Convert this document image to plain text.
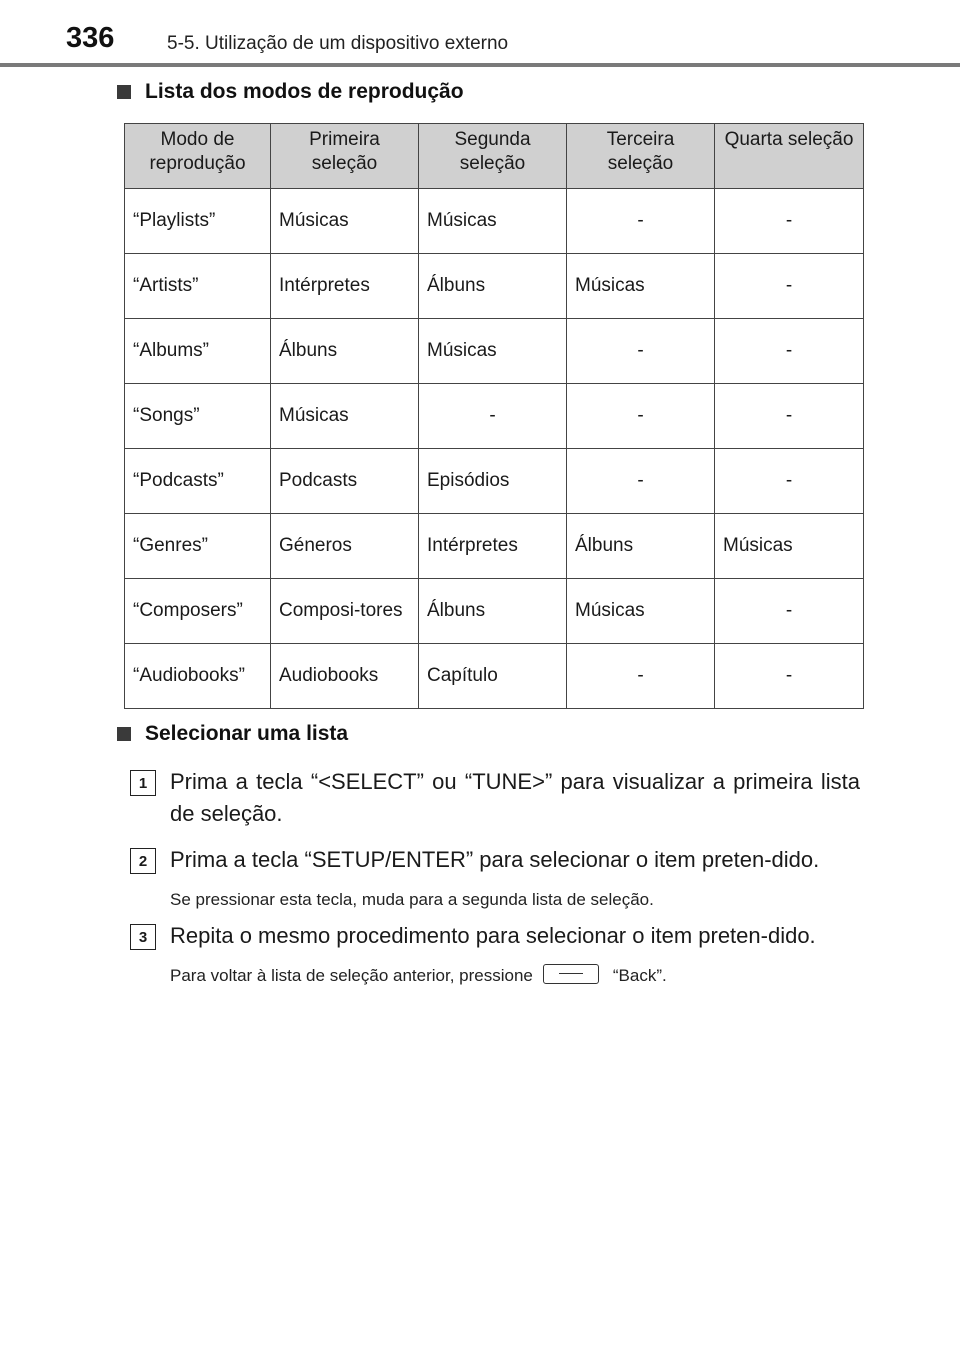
336	5-5. Utilização de um dispositivo externo
Lista dos modos de reprodução
Modo de reprodução	Primeira seleção	Segunda seleção	Terceira seleção	Quarta seleção
“Playlists”	Músicas	Músicas	-	-
“Artists”	Intérpretes	Álbuns	Músicas	-
“Albums”	Álbuns	Músicas	-	-
“Songs”	Músicas	-	-	-
“Podcasts”	Podcasts	Episódios	-	-
“Genres”	Géneros	Intérpretes	Álbuns	Músicas
“Composers”	Composi-tores	Álbuns	Músicas	-
“Audiobooks”	Audiobooks	Capítulo	-	-
Selecionar uma lista
1	Prima a tecla “<SELECT” ou “TUNE>” para visualizar a primeira lista de seleção.
2	Prima a tecla “SETUP/ENTER” para selecionar o item preten-dido.
Se pressionar esta tecla, muda para a segunda lista de seleção.
3	Repita o mesmo procedimento para selecionar o item preten-dido.
Para voltar à lista de seleção anterior, pressione	“Back”.
